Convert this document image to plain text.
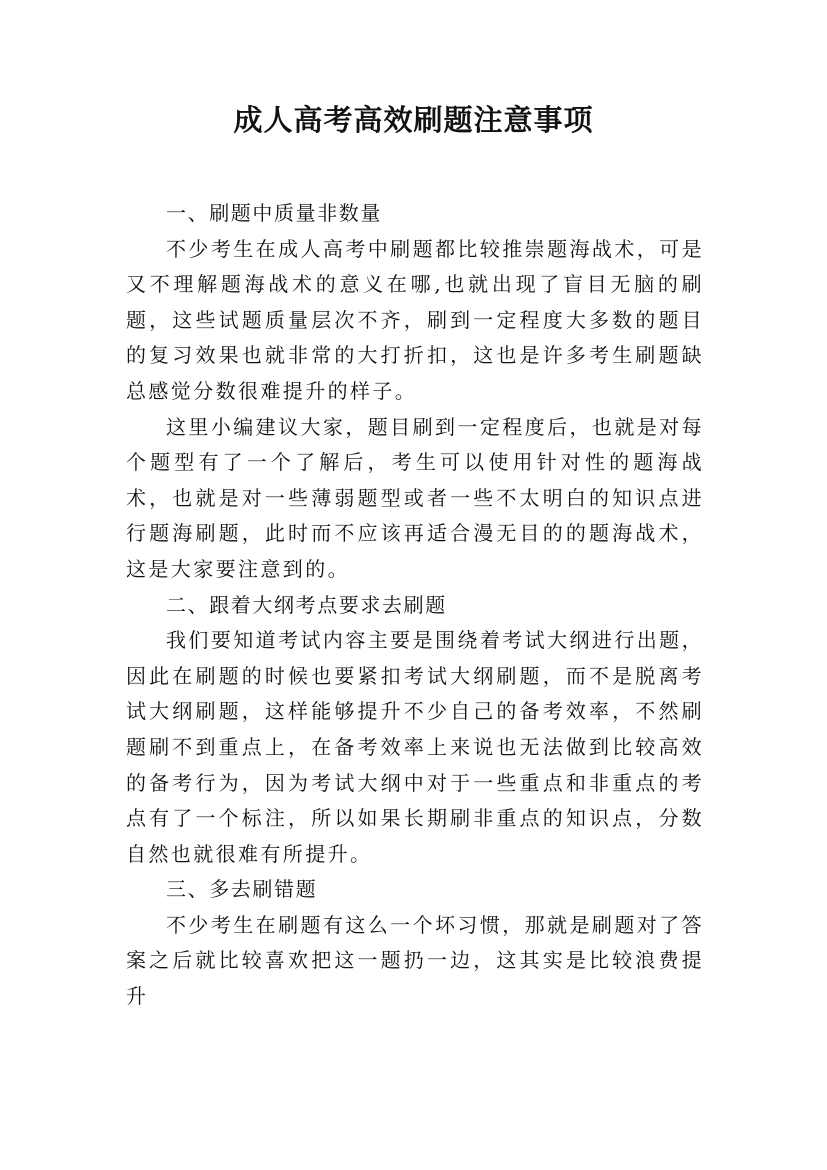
成人高考高效刷题注意事项

一、刷题中质量非数量

不少考生在成人高考中刷题都比较推崇题海战术，可是又不理解题海战术的意义在哪,也就出现了盲目无脑的刷题，这些试题质量层次不齐，刷到一定程度大多数的题目的复习效果也就非常的大打折扣，这也是许多考生刷题缺总感觉分数很难提升的样子。

这里小编建议大家，题目刷到一定程度后，也就是对每个题型有了一个了解后，考生可以使用针对性的题海战术，也就是对一些薄弱题型或者一些不太明白的知识点进行题海刷题，此时而不应该再适合漫无目的的题海战术，这是大家要注意到的。

二、跟着大纲考点要求去刷题

我们要知道考试内容主要是围绕着考试大纲进行出题，因此在刷题的时候也要紧扣考试大纲刷题，而不是脱离考试大纲刷题，这样能够提升不少自己的备考效率，不然刷题刷不到重点上，在备考效率上来说也无法做到比较高效的备考行为，因为考试大纲中对于一些重点和非重点的考点有了一个标注，所以如果长期刷非重点的知识点，分数自然也就很难有所提升。

三、多去刷错题

不少考生在刷题有这么一个坏习惯，那就是刷题对了答案之后就比较喜欢把这一题扔一边，这其实是比较浪费提升
